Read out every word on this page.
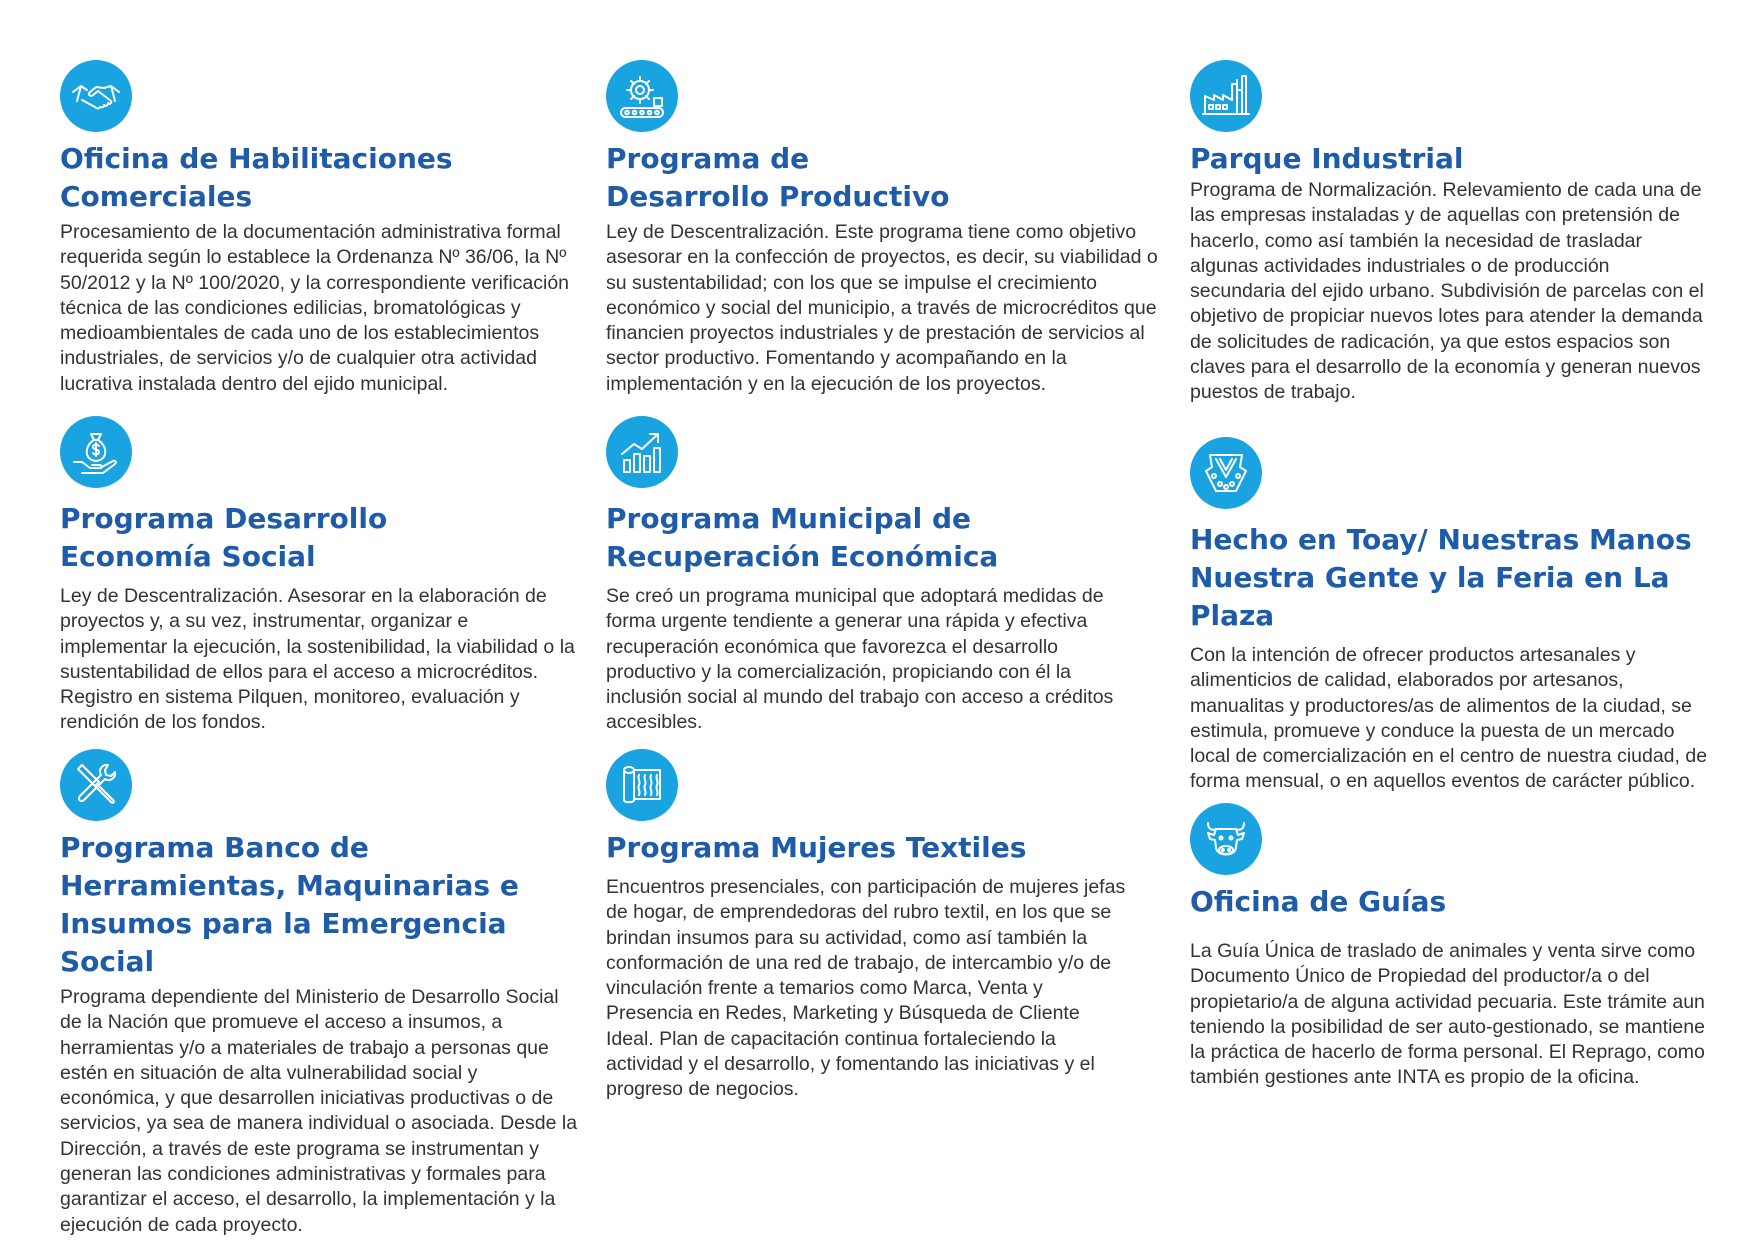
Oficina de Habilitaciones Comerciales

Procesamiento de la documentación administrativa formal requerida según lo establece la Ordenanza Nº 36/06, la Nº 50/2012 y la Nº 100/2020, y la correspondiente verificación técnica de las condiciones edilicias, bromatológicas y medioambientales de cada uno de los establecimientos industriales, de servicios y/o de cualquier otra actividad lucrativa instalada dentro del ejido municipal.

Programa Desarrollo Economía Social

Ley de Descentralización. Asesorar en la elaboración de proyectos y, a su vez, instrumentar, organizar e implementar la ejecución, la sostenibilidad, la viabilidad o la sustentabilidad de ellos para el acceso a microcréditos. Registro en sistema Pilquen, monitoreo, evaluación y rendición de los fondos.

Programa Banco de Herramientas, Maquinarias e Insumos para la Emergencia Social

Programa dependiente del Ministerio de Desarrollo Social de la Nación que promueve el acceso a insumos, a herramientas y/o a materiales de trabajo a personas que estén en situación de alta vulnerabilidad social y económica, y que desarrollen iniciativas productivas o de servicios, ya sea de manera individual o asociada. Desde la Dirección, a través de este programa se instrumentan y generan las condiciones administrativas y formales para garantizar el acceso, el desarrollo, la implementación y la ejecución de cada proyecto.

Programa de Desarrollo Productivo

Ley de Descentralización. Este programa tiene como objetivo asesorar en la confección de proyectos, es decir, su viabilidad o su sustentabilidad; con los que se impulse el crecimiento económico y social del municipio, a través de microcréditos que financien proyectos industriales y de prestación de servicios al sector productivo. Fomentando y acompañando en la implementación y en la ejecución de los proyectos.

Programa Municipal de Recuperación Económica

Se creó un programa municipal que adoptará medidas de forma urgente tendiente a generar una rápida y efectiva recuperación económica que favorezca el desarrollo productivo y la comercialización, propiciando con él la inclusión social al mundo del trabajo con acceso a créditos accesibles.

Programa Mujeres Textiles

Encuentros presenciales, con participación de mujeres jefas de hogar, de emprendedoras del rubro textil, en los que se brindan insumos para su actividad, como así también la conformación de una red de trabajo, de intercambio y/o de vinculación frente a temarios como Marca, Venta y Presencia en Redes, Marketing y Búsqueda de Cliente Ideal. Plan de capacitación continua fortaleciendo la actividad y el desarrollo, y fomentando las iniciativas y el progreso de negocios.

Parque Industrial

Programa de Normalización. Relevamiento de cada una de las empresas instaladas y de aquellas con pretensión de hacerlo, como así también la necesidad de trasladar algunas actividades industriales o de producción secundaria del ejido urbano. Subdivisión de parcelas con el objetivo de propiciar nuevos lotes para atender la demanda de solicitudes de radicación, ya que estos espacios son claves para el desarrollo de la economía y generan nuevos puestos de trabajo.

Hecho en Toay/ Nuestras Manos Nuestra Gente y la Feria en La Plaza

Con la intención de ofrecer productos artesanales y alimenticios de calidad, elaborados por artesanos, manualitas y productores/as de alimentos de la ciudad, se estimula, promueve y conduce la puesta de un mercado local de comercialización en el centro de nuestra ciudad, de forma mensual, o en aquellos eventos de carácter público.

Oficina de Guías

La Guía Única de traslado de animales y venta sirve como Documento Único de Propiedad del productor/a o del propietario/a de alguna actividad pecuaria. Este trámite aun teniendo la posibilidad de ser auto-gestionado, se mantiene la práctica de hacerlo de forma personal. El Reprago, como también gestiones ante INTA es propio de la oficina.
